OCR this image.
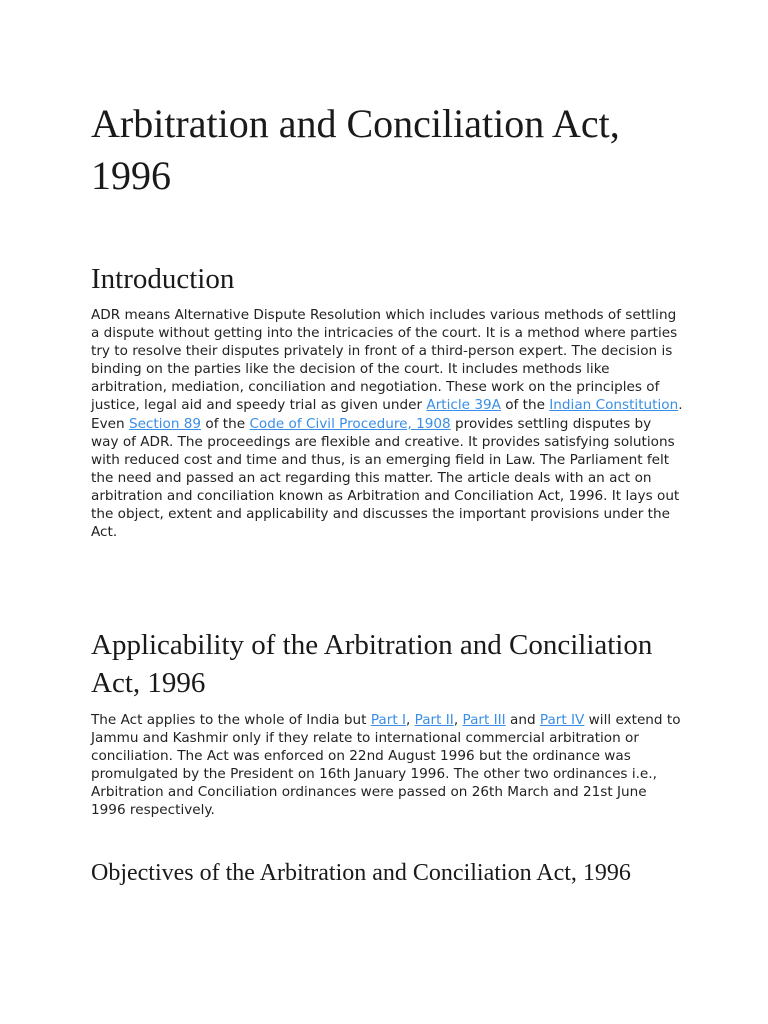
Arbitration and Conciliation Act, 1996
Introduction

ADR means Alternative Dispute Resolution which includes various methods of settling a dispute without getting into the intricacies of the court. It is a method where parties try to resolve their disputes privately in front of a third-person expert. The decision is binding on the parties like the decision of the court. It includes methods like arbitration, mediation, conciliation and negotiation. These work on the principles of justice, legal aid and speedy trial as given under Article 39A of the Indian Constitution. Even Section 89 of the Code of Civil Procedure, 1908 provides settling disputes by way of ADR. The proceedings are flexible and creative. It provides satisfying solutions with reduced cost and time and thus, is an emerging field in Law. The Parliament felt the need and passed an act regarding this matter. The article deals with an act on arbitration and conciliation known as Arbitration and Conciliation Act, 1996. It lays out the object, extent and applicability and discusses the important provisions under the Act.

Applicability of the Arbitration and Conciliation Act, 1996

The Act applies to the whole of India but Part I, Part II, Part III and Part IV will extend to Jammu and Kashmir only if they relate to international commercial arbitration or conciliation. The Act was enforced on 22nd August 1996 but the ordinance was promulgated by the President on 16th January 1996. The other two ordinances i.e., Arbitration and Conciliation ordinances were passed on 26th March and 21st June 1996 respectively.

Objectives of the Arbitration and Conciliation Act, 1996
